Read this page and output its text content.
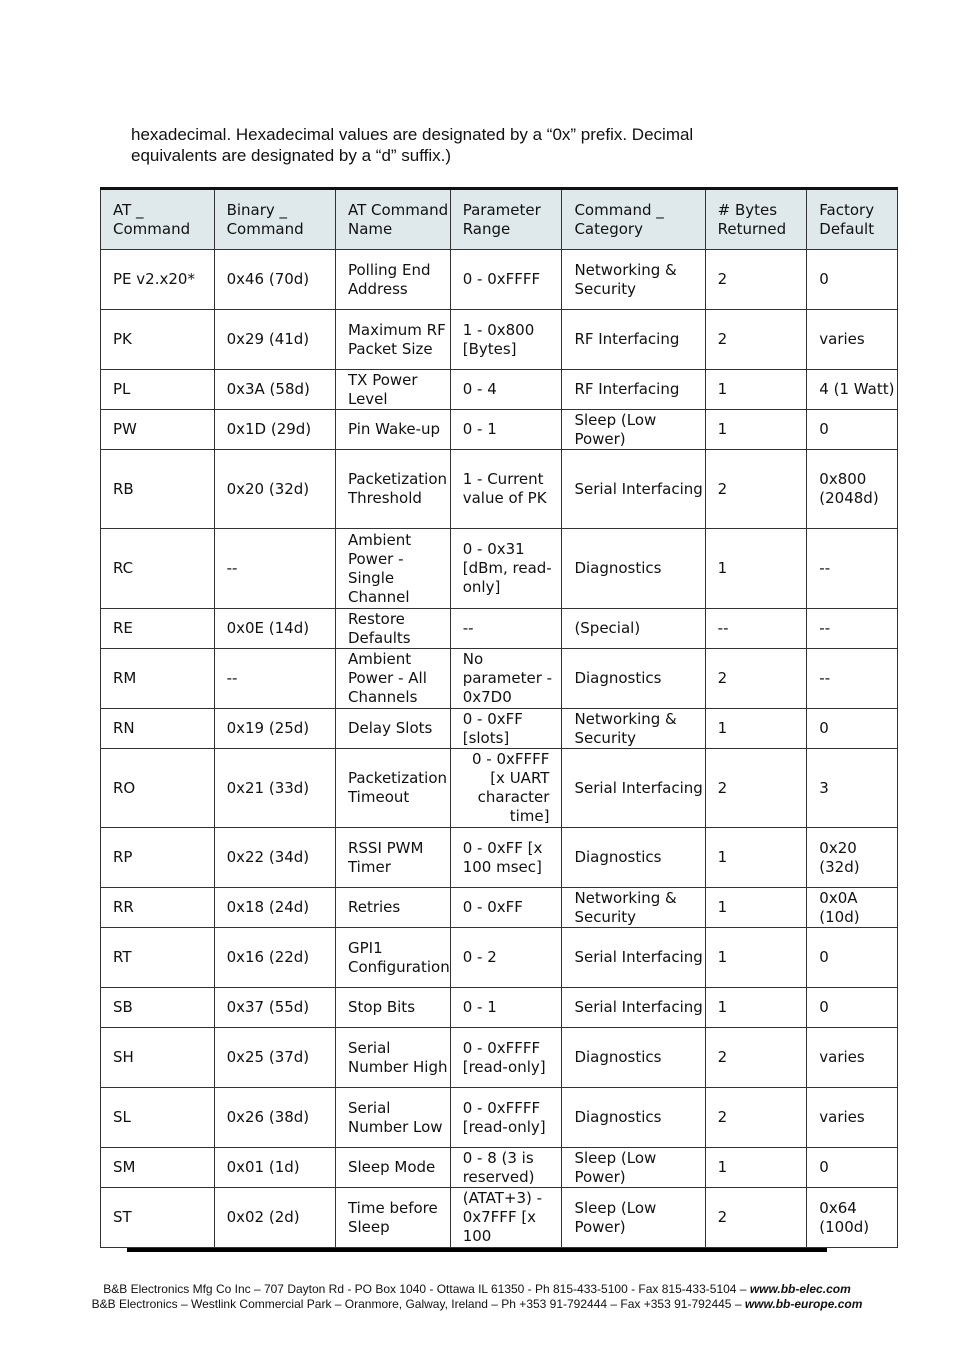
hexadecimal. Hexadecimal values are designated by a “0x” prefix. Decimal

equivalents are designated by a “d” suffix.)

AT _ Command	Binary _ Command	AT Command Name	Parameter Range	Command _ Category	# Bytes Returned	Factory Default
PE v2.x20*	0x46 (70d)	Polling End Address	0 - 0xFFFF	Networking & Security	2	0
PK	0x29 (41d)	Maximum RF Packet Size	1 - 0x800 [Bytes]	RF Interfacing	2	varies
PL	0x3A (58d)	TX Power Level	0 - 4	RF Interfacing	1	4 (1 Watt)
PW	0x1D (29d)	Pin Wake-up	0 - 1	Sleep (Low Power)	1	0
RB	0x20 (32d)	Packetization Threshold	1 - Current value of PK	Serial Interfacing	2	0x800 (2048d)
RC	--	Ambient Power - Single Channel	0 - 0x31 [dBm, read-only]	Diagnostics	1	--
RE	0x0E (14d)	Restore Defaults	--	(Special)	--	--
RM	--	Ambient Power - All Channels	No parameter - 0x7D0	Diagnostics	2	--
RN	0x19 (25d)	Delay Slots	0 - 0xFF [slots]	Networking & Security	1	0
RO	0x21 (33d)	Packetization Timeout	0 - 0xFFFF [x UART character time]	Serial Interfacing	2	3
RP	0x22 (34d)	RSSI PWM Timer	0 - 0xFF [x 100 msec]	Diagnostics	1	0x20 (32d)
RR	0x18 (24d)	Retries	0 - 0xFF	Networking & Security	1	0x0A (10d)
RT	0x16 (22d)	GPI1 Configuration	0 - 2	Serial Interfacing	1	0
SB	0x37 (55d)	Stop Bits	0 - 1	Serial Interfacing	1	0
SH	0x25 (37d)	Serial Number High	0 - 0xFFFF [read-only]	Diagnostics	2	varies
SL	0x26 (38d)	Serial Number Low	0 - 0xFFFF [read-only]	Diagnostics	2	varies
SM	0x01 (1d)	Sleep Mode	0 - 8 (3 is reserved)	Sleep (Low Power)	1	0
ST	0x02 (2d)	Time before Sleep	(ATAT+3) - 0x7FFF [x 100	Sleep (Low Power)	2	0x64 (100d)
B&B Electronics Mfg Co Inc – 707 Dayton Rd - PO Box 1040 - Ottawa IL 61350 - Ph 815-433-5100 - Fax 815-433-5104 – www.bb-elec.com
B&B Electronics – Westlink Commercial Park – Oranmore, Galway, Ireland – Ph +353 91-792444 – Fax +353 91-792445 – www.bb-europe.com
